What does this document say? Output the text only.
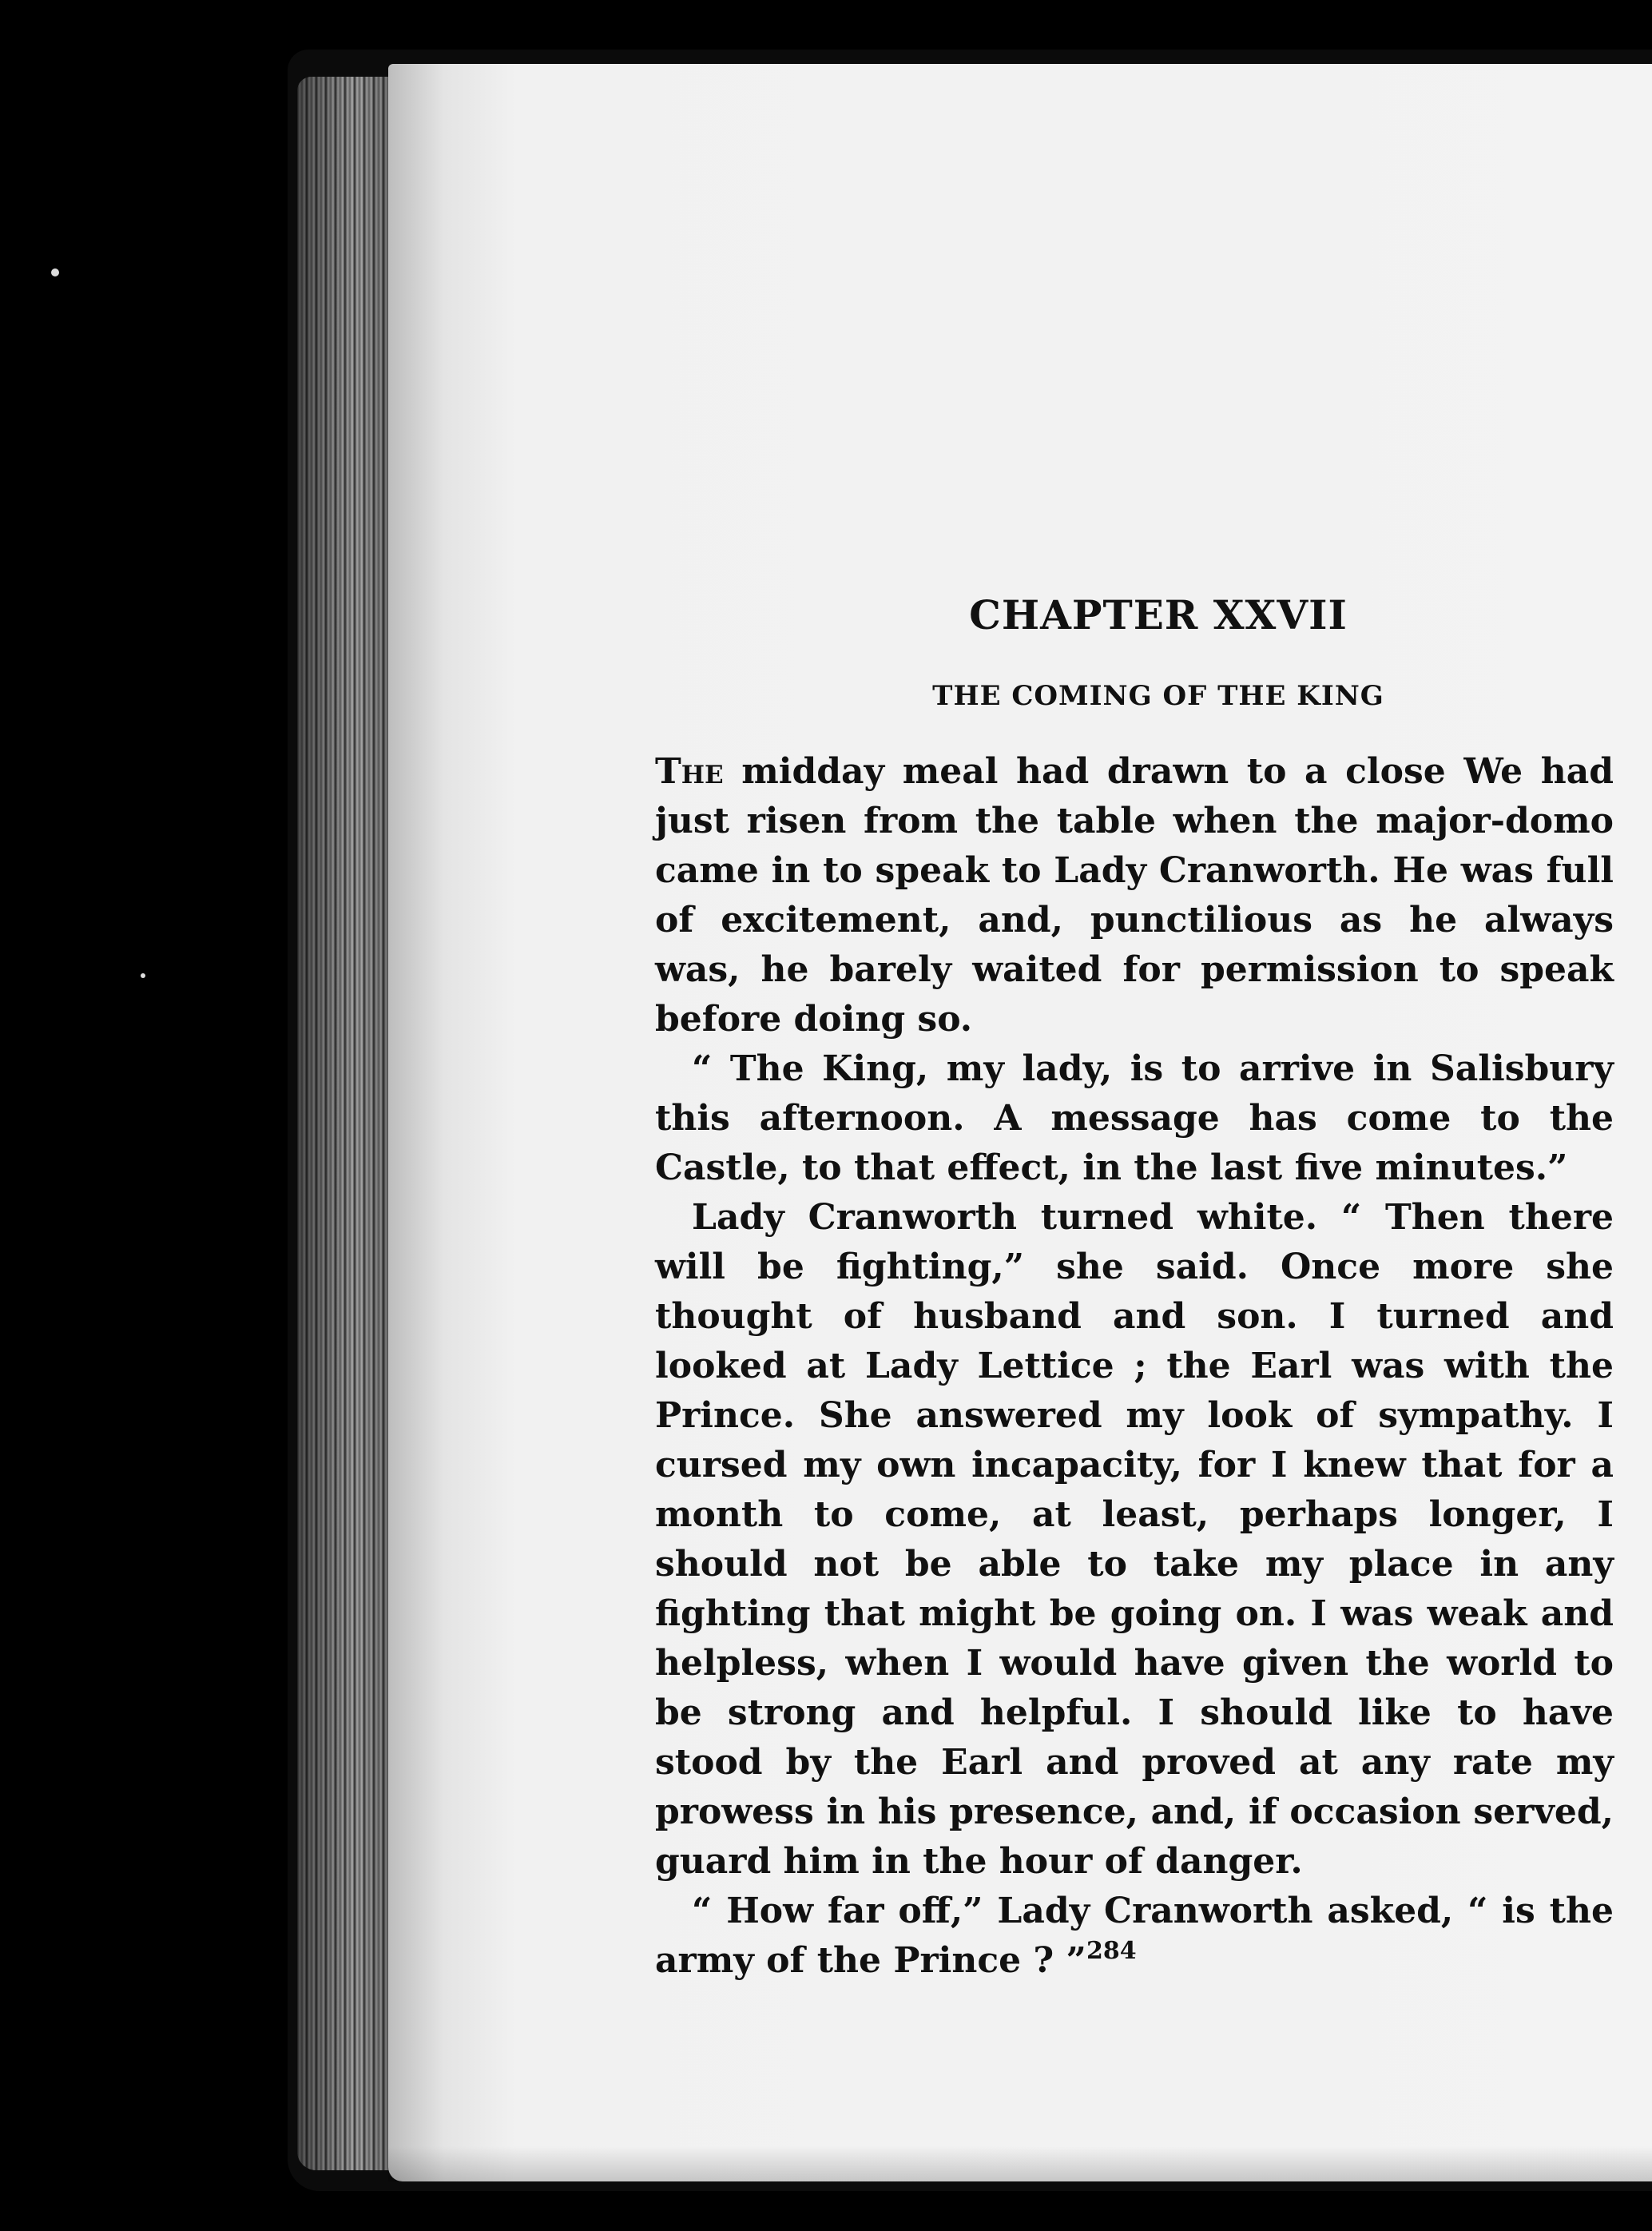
CHAPTER XXVII
THE COMING OF THE KING

The midday meal had drawn to a close We had just risen from the table when the major-domo came in to speak to Lady Cranworth. He was full of excitement, and, punctilious as he always was, he barely waited for permission to speak before doing so.

“ The King, my lady, is to arrive in Salisbury this afternoon. A message has come to the Castle, to that effect, in the last five minutes.”

Lady Cranworth turned white. “ Then there will be fighting,” she said. Once more she thought of husband and son. I turned and looked at Lady Lettice ; the Earl was with the Prince. She answered my look of sympathy. I cursed my own incapacity, for I knew that for a month to come, at least, perhaps longer, I should not be able to take my place in any fighting that might be going on. I was weak and helpless, when I would have given the world to be strong and helpful. I should like to have stood by the Earl and proved at any rate my prowess in his presence, and, if occasion served, guard him in the hour of danger.

“ How far off,” Lady Cranworth asked, “ is the army of the Prince ? ” 284
